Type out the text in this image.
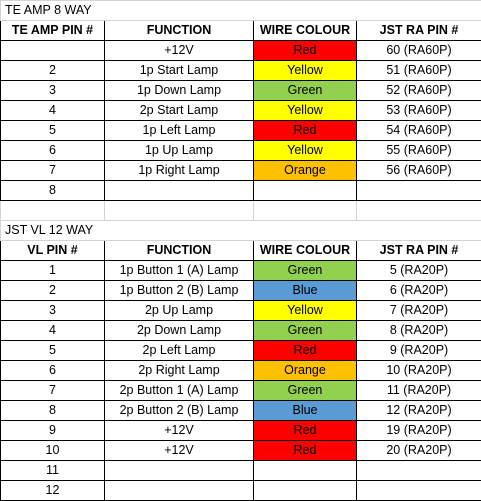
TE AMP 8 WAY			
TE AMP PIN #	FUNCTION	WIRE COLOUR	JST RA PIN #
	+12V	Red	60 (RA60P)
2	1p Start Lamp	Yellow	51 (RA60P)
3	1p Down Lamp	Green	52 (RA60P)
4	2p Start Lamp	Yellow	53 (RA60P)
5	1p Left Lamp	Red	54 (RA60P)
6	1p Up Lamp	Yellow	55 (RA60P)
7	1p Right Lamp	Orange	56 (RA60P)
8			

JST VL 12 WAY			
VL PIN #	FUNCTION	WIRE COLOUR	JST RA PIN #
1	1p Button 1 (A) Lamp	Green	5 (RA20P)
2	1p Button 2 (B) Lamp	Blue	6 (RA20P)
3	2p Up Lamp	Yellow	7 (RA20P)
4	2p Down Lamp	Green	8 (RA20P)
5	2p Left Lamp	Red	9 (RA20P)
6	2p Right Lamp	Orange	10 (RA20P)
7	2p Button 1 (A) Lamp	Green	11 (RA20P)
8	2p Button 2 (B) Lamp	Blue	12 (RA20P)
9	+12V	Red	19 (RA20P)
10	+12V	Red	20 (RA20P)
11			
12			
